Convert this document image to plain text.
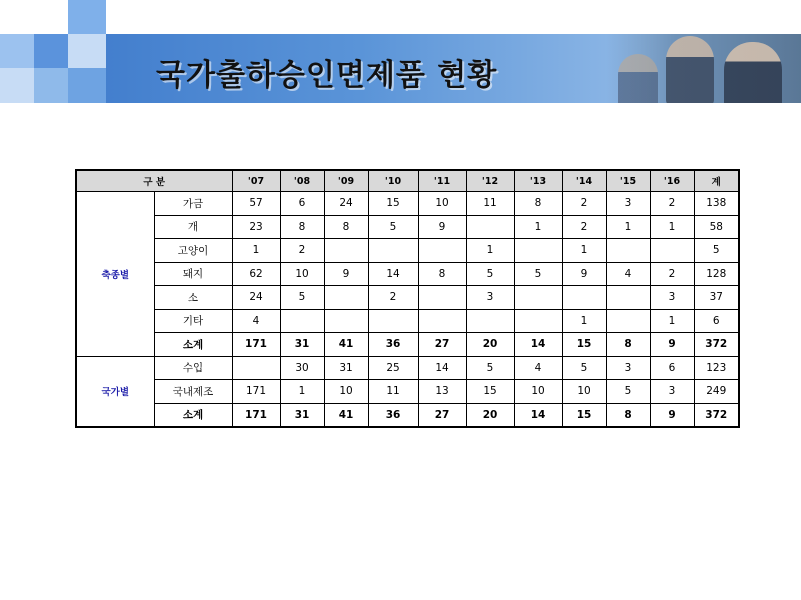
국가출하승인면제품 현황
구 분		'07	'08	'09	'10	'11	'12	'13	'14	'15	'16	계
축종별	가금	57	6	24	15	10	11	8	2	3	2	138
	개	23	8	8	5	9		1	2	1	1	58
	고양이	1	2				1		1			5
	돼지	62	10	9	14	8	5	5	9	4	2	128
	소	24	5		2		3				3	37
	기타	4							1		1	6
	소계	171	31	41	36	27	20	14	15	8	9	372
국가별	수입		30	31	25	14	5	4	5	3	6	123
	국내제조	171	1	10	11	13	15	10	10	5	3	249
	소계	171	31	41	36	27	20	14	15	8	9	372
